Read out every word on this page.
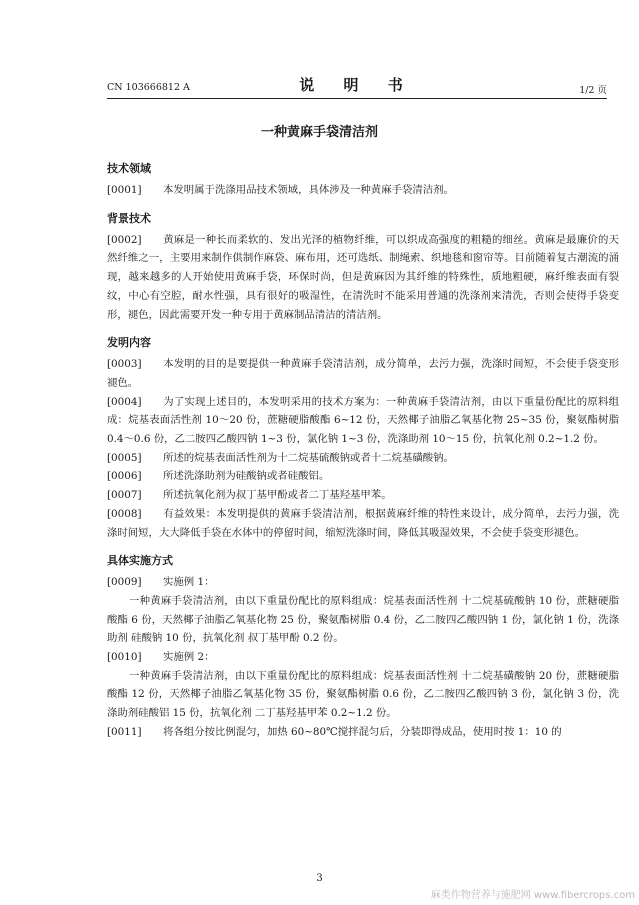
CN 103666812 A	说 明 书	1/2 页
一种黄麻手袋清洁剂
技术领域

[0001] 本发明属于洗涤用品技术领域，具体涉及一种黄麻手袋清洁剂。

背景技术

[0002] 黄麻是一种长而柔软的、发出光泽的植物纤维，可以织成高强度的粗糙的细丝。黄麻是最廉价的天然纤维之一，主要用来制作供制作麻袋、麻布用，还可选纸、制绳索、织地毯和窗帘等。目前随着复古潮流的涌现，越来越多的人开始使用黄麻手袋，环保时尚，但是黄麻因为其纤维的特殊性，质地粗硬，麻纤维表面有裂纹，中心有空腔，耐水性强，具有很好的吸湿性，在清洗时不能采用普通的洗涤剂来清洗，否则会使得手袋变形，褪色，因此需要开发一种专用于黄麻制品清洁的清洁剂。

发明内容

[0003] 本发明的目的是要提供一种黄麻手袋清洁剂，成分简单，去污力强，洗涤时间短，不会使手袋变形褪色。

[0004] 为了实现上述目的，本发明采用的技术方案为：一种黄麻手袋清洁剂，由以下重量份配比的原料组成：烷基表面活性剂 10～20 份，蔗糖硬脂酸酯 6~12 份，天然椰子油脂乙氧基化物 25~35 份，聚氨酯树脂 0.4～0.6 份，乙二胺四乙酸四钠 1~3 份，氯化钠 1~3 份，洗涤助剂 10～15 份，抗氧化剂 0.2~1.2 份。

[0005] 所述的烷基表面活性剂为十二烷基硫酸钠或者十二烷基磺酸钠。

[0006] 所述洗涤助剂为硅酸钠或者硅酸铝。

[0007] 所述抗氧化剂为叔丁基甲酚或者二丁基羟基甲苯。

[0008] 有益效果：本发明提供的黄麻手袋清洁剂，根据黄麻纤维的特性来设计，成分简单，去污力强，洗涤时间短，大大降低手袋在水体中的停留时间，缩短洗涤时间，降低其吸湿效果，不会使手袋变形褪色。

具体实施方式

[0009] 实施例 1：

一种黄麻手袋清洁剂，由以下重量份配比的原料组成：烷基表面活性剂 十二烷基硫酸钠 10 份，蔗糖硬脂酸酯 6 份，天然椰子油脂乙氧基化物 25 份，聚氨酯树脂 0.4 份，乙二胺四乙酸四钠 1 份，氯化钠 1 份，洗涤助剂 硅酸钠 10 份，抗氧化剂 叔丁基甲酚 0.2 份。

[0010] 实施例 2：

一种黄麻手袋清洁剂，由以下重量份配比的原料组成：烷基表面活性剂 十二烷基磺酸钠 20 份，蔗糖硬脂酸酯 12 份，天然椰子油脂乙氧基化物 35 份，聚氨酯树脂 0.6 份，乙二胺四乙酸四钠 3 份，氯化钠 3 份，洗涤助剂硅酸铝 15 份，抗氧化剂 二丁基羟基甲苯 0.2~1.2 份。

[0011] 将各组分按比例混匀，加热 60~80℃搅拌混匀后，分装即得成品，使用时按 1：10 的

3
麻类作物营养与施肥网 www.fibercrops.com
